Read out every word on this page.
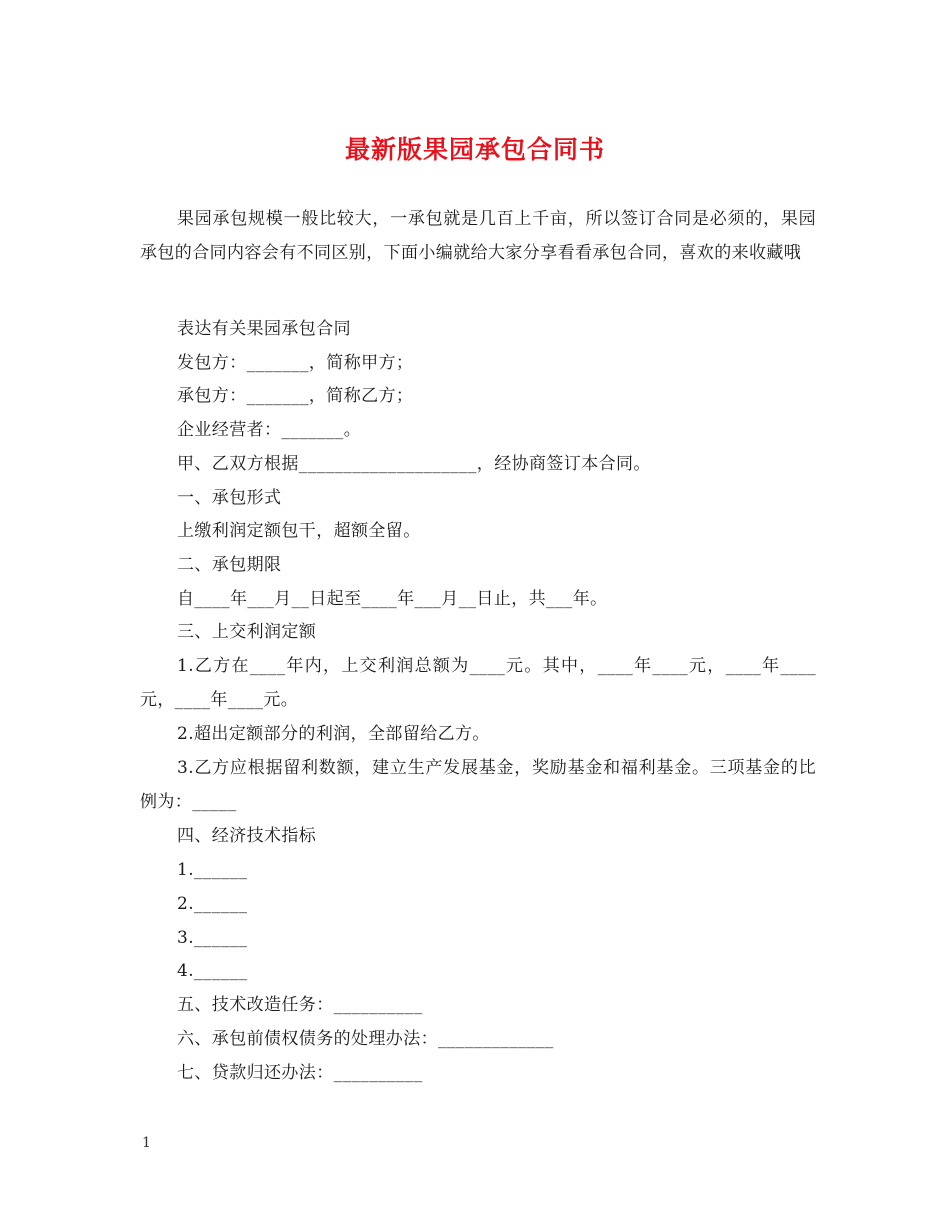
最新版果园承包合同书
果园承包规模一般比较大，一承包就是几百上千亩，所以签订合同是必须的，果园承包的合同内容会有不同区别，下面小编就给大家分享看看承包合同，喜欢的来收藏哦
表达有关果园承包合同
发包方：_______，简称甲方；
承包方：_______，简称乙方；
企业经营者：_______。
甲、乙双方根据____________________，经协商签订本合同。
一、承包形式
上缴利润定额包干，超额全留。
二、承包期限
自____年___月__日起至____年___月__日止，共___年。
三、上交利润定额
1.乙方在____年内，上交利润总额为____元。其中，____年____元，____年____元，____年____元。
2.超出定额部分的利润，全部留给乙方。
3.乙方应根据留利数额，建立生产发展基金，奖励基金和福利基金。三项基金的比例为：_____
四、经济技术指标
1.______
2.______
3.______
4.______
五、技术改造任务：__________
六、承包前债权债务的处理办法：_____________
七、贷款归还办法：__________
1
